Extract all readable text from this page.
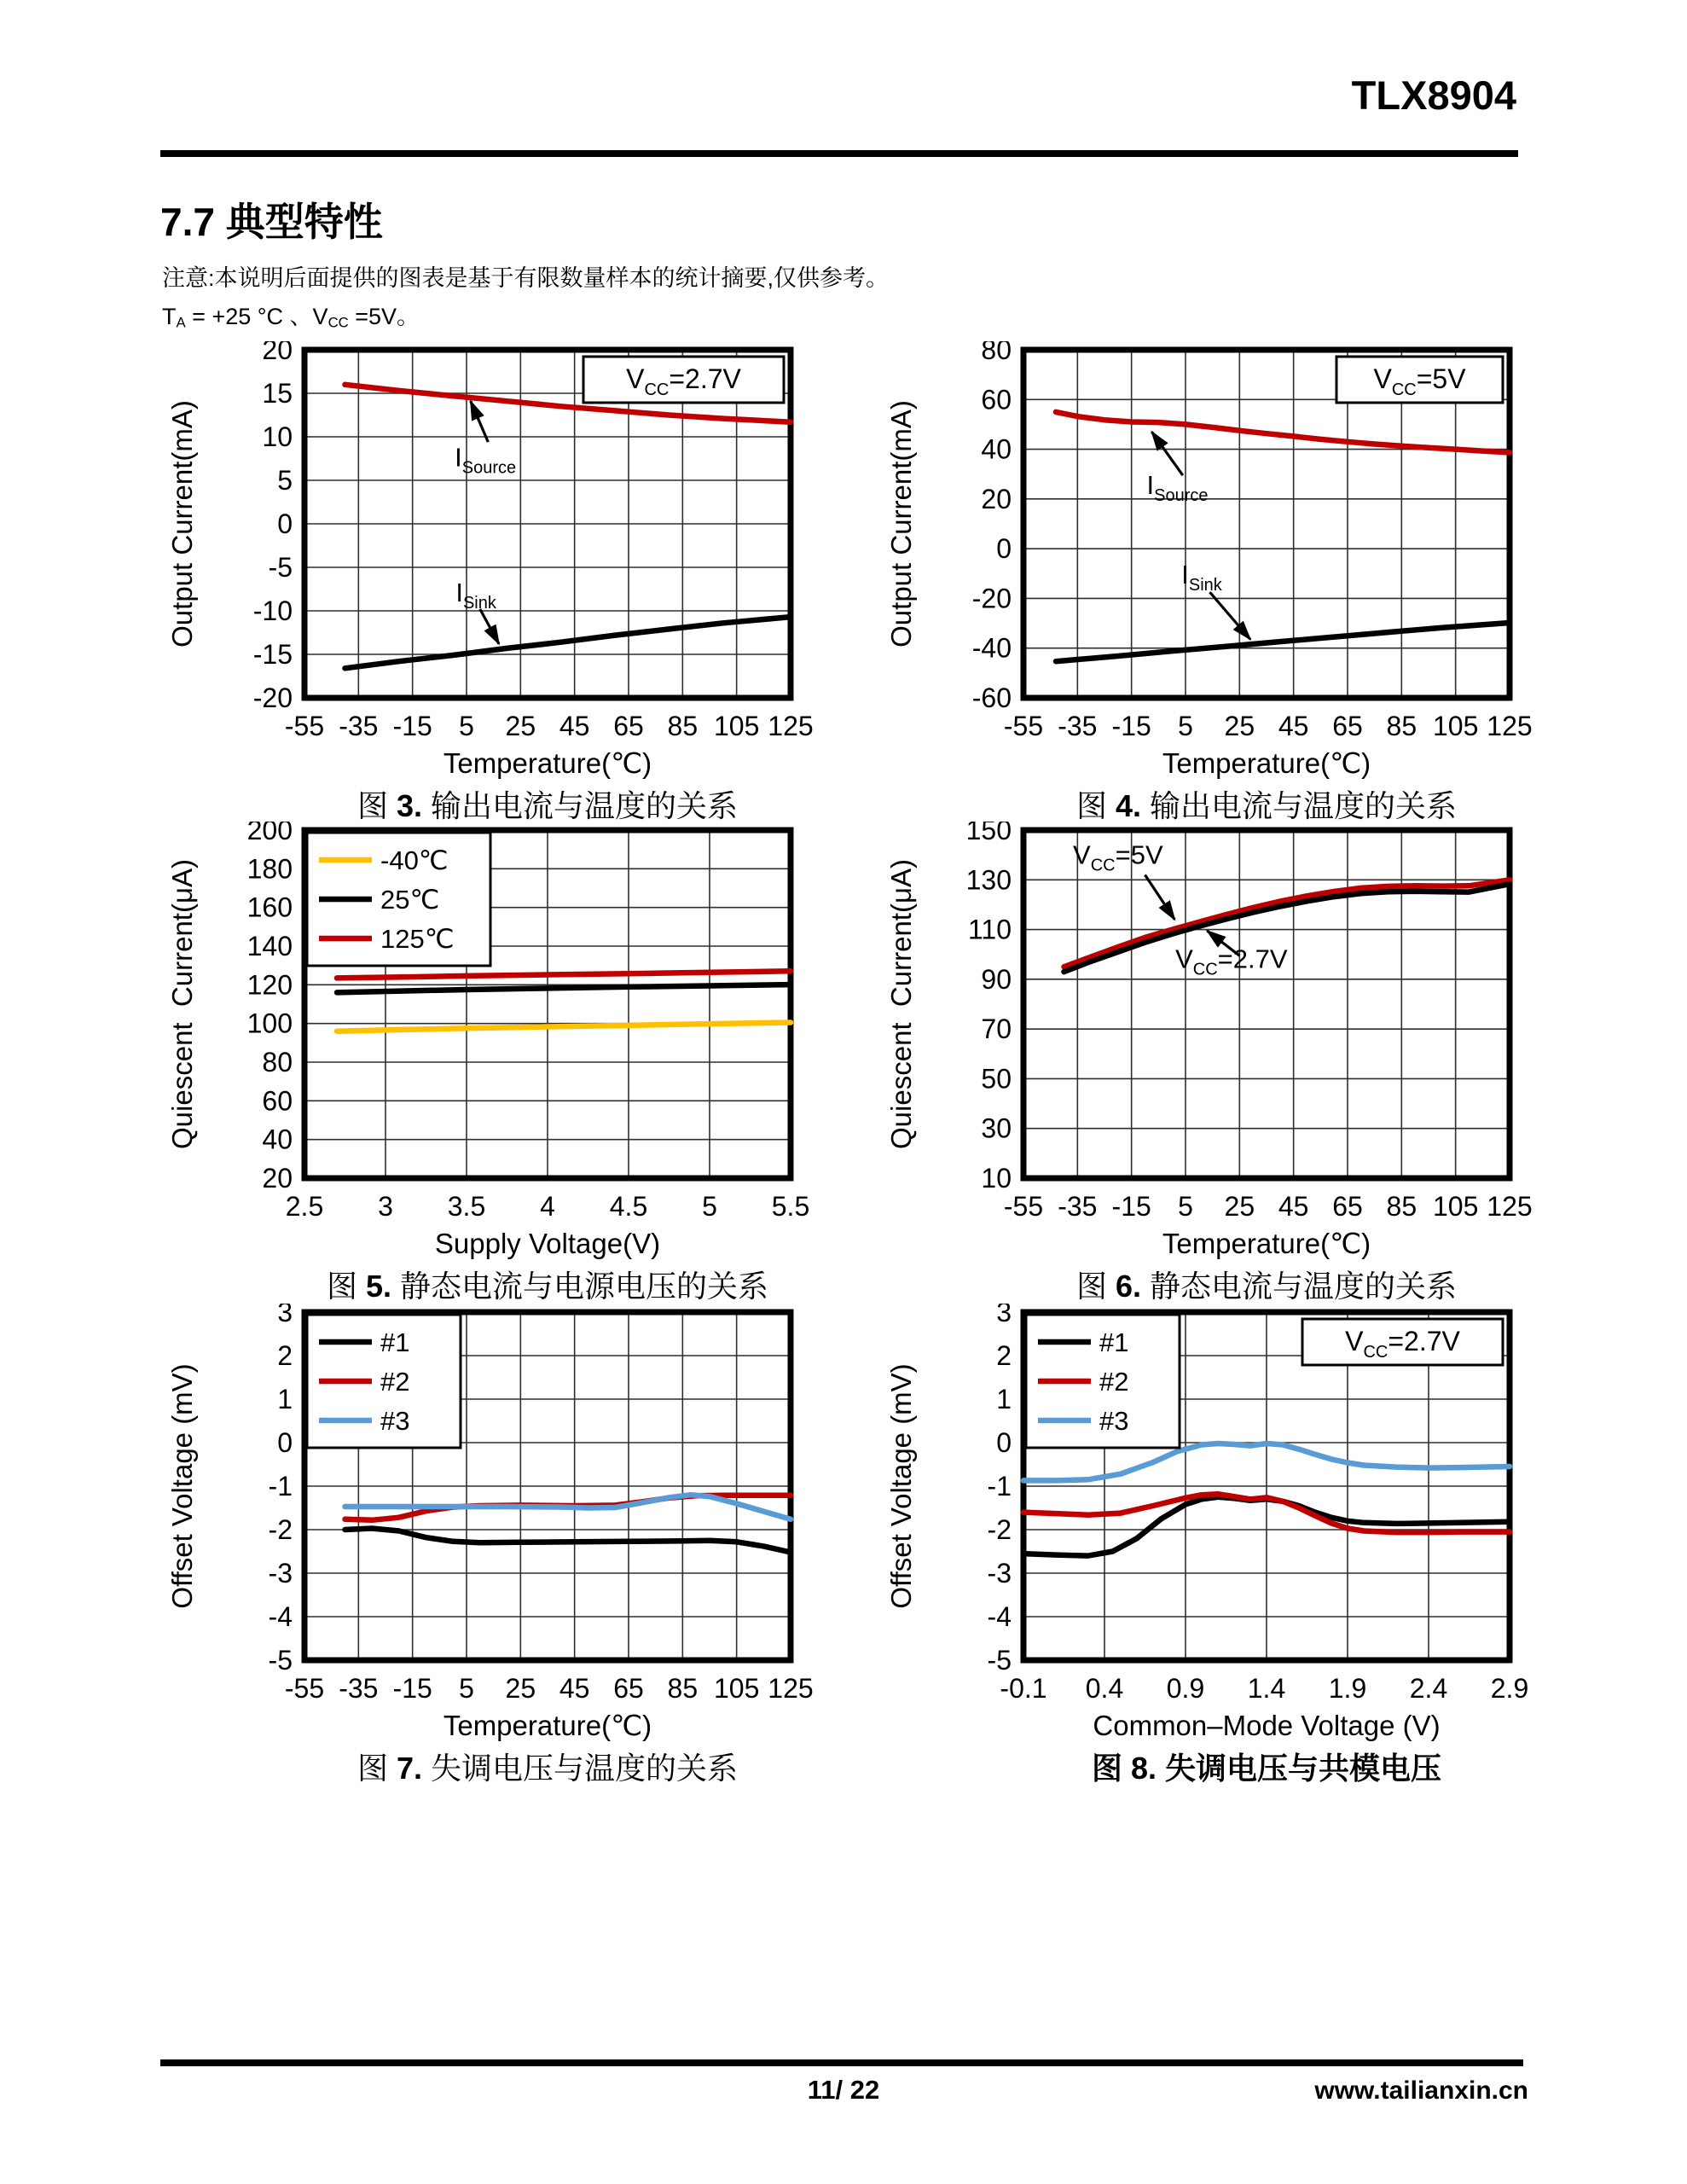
TLX8904
7.7 典型特性
注意:本说明后面提供的图表是基于有限数量样本的统计摘要,仅供参考。
$T_A = +25$ °C 、$V_{CC} =5V$。
$I_{Source}$
$I_{Sink}$
$V_{CC}=2.7V$
20
15
10
5
0
-5
-10
-15
-20
-55 -35 -15 5 25 45 65 85 105 125
Temperature(℃)
Output Current(mA)
图 3. 输出电流与温度的关系
$I_{Source}$
$I_{Sink}$
$V_{CC}=5V$
80
60
40
20
0
-20
-40
-60
-55 -35 -15 5 25 45 65 85 105 125
Temperature(℃)
Output Current(mA)
图 4. 输出电流与温度的关系
-40℃
25℃
125℃
200
180
160
140
120
100
80
60
40
20
2.5 3 3.5 4 4.5 5 5.5
Supply Voltage(V)
Quiescent  Current(μA)
图 5. 静态电流与电源电压的关系
$V_{CC}=5V$
$V_{CC}=2.7V$
150
130
110
90
70
50
30
10
-55 -35 -15 5 25 45 65 85 105 125
Temperature(℃)
Quiescent  Current(μA)
图 6. 静态电流与温度的关系
#1
#2
#3
3
2
1
0
-1
-2
-3
-4
-5
-55 -35 -15 5 25 45 65 85 105 125
Temperature(℃)
Offset Voltage (mV)
图 7. 失调电压与温度的关系
#1
#2
#3
$V_{CC}=2.7V$
3
2
1
0
-1
-2
-3
-4
-5
-0.1 0.4 0.9 1.4 1.9 2.4 2.9
Common–Mode Voltage (V)
Offset Voltage (mV)
图 8. 失调电压与共模电压
11/ 22	www.tailianxin.cn
